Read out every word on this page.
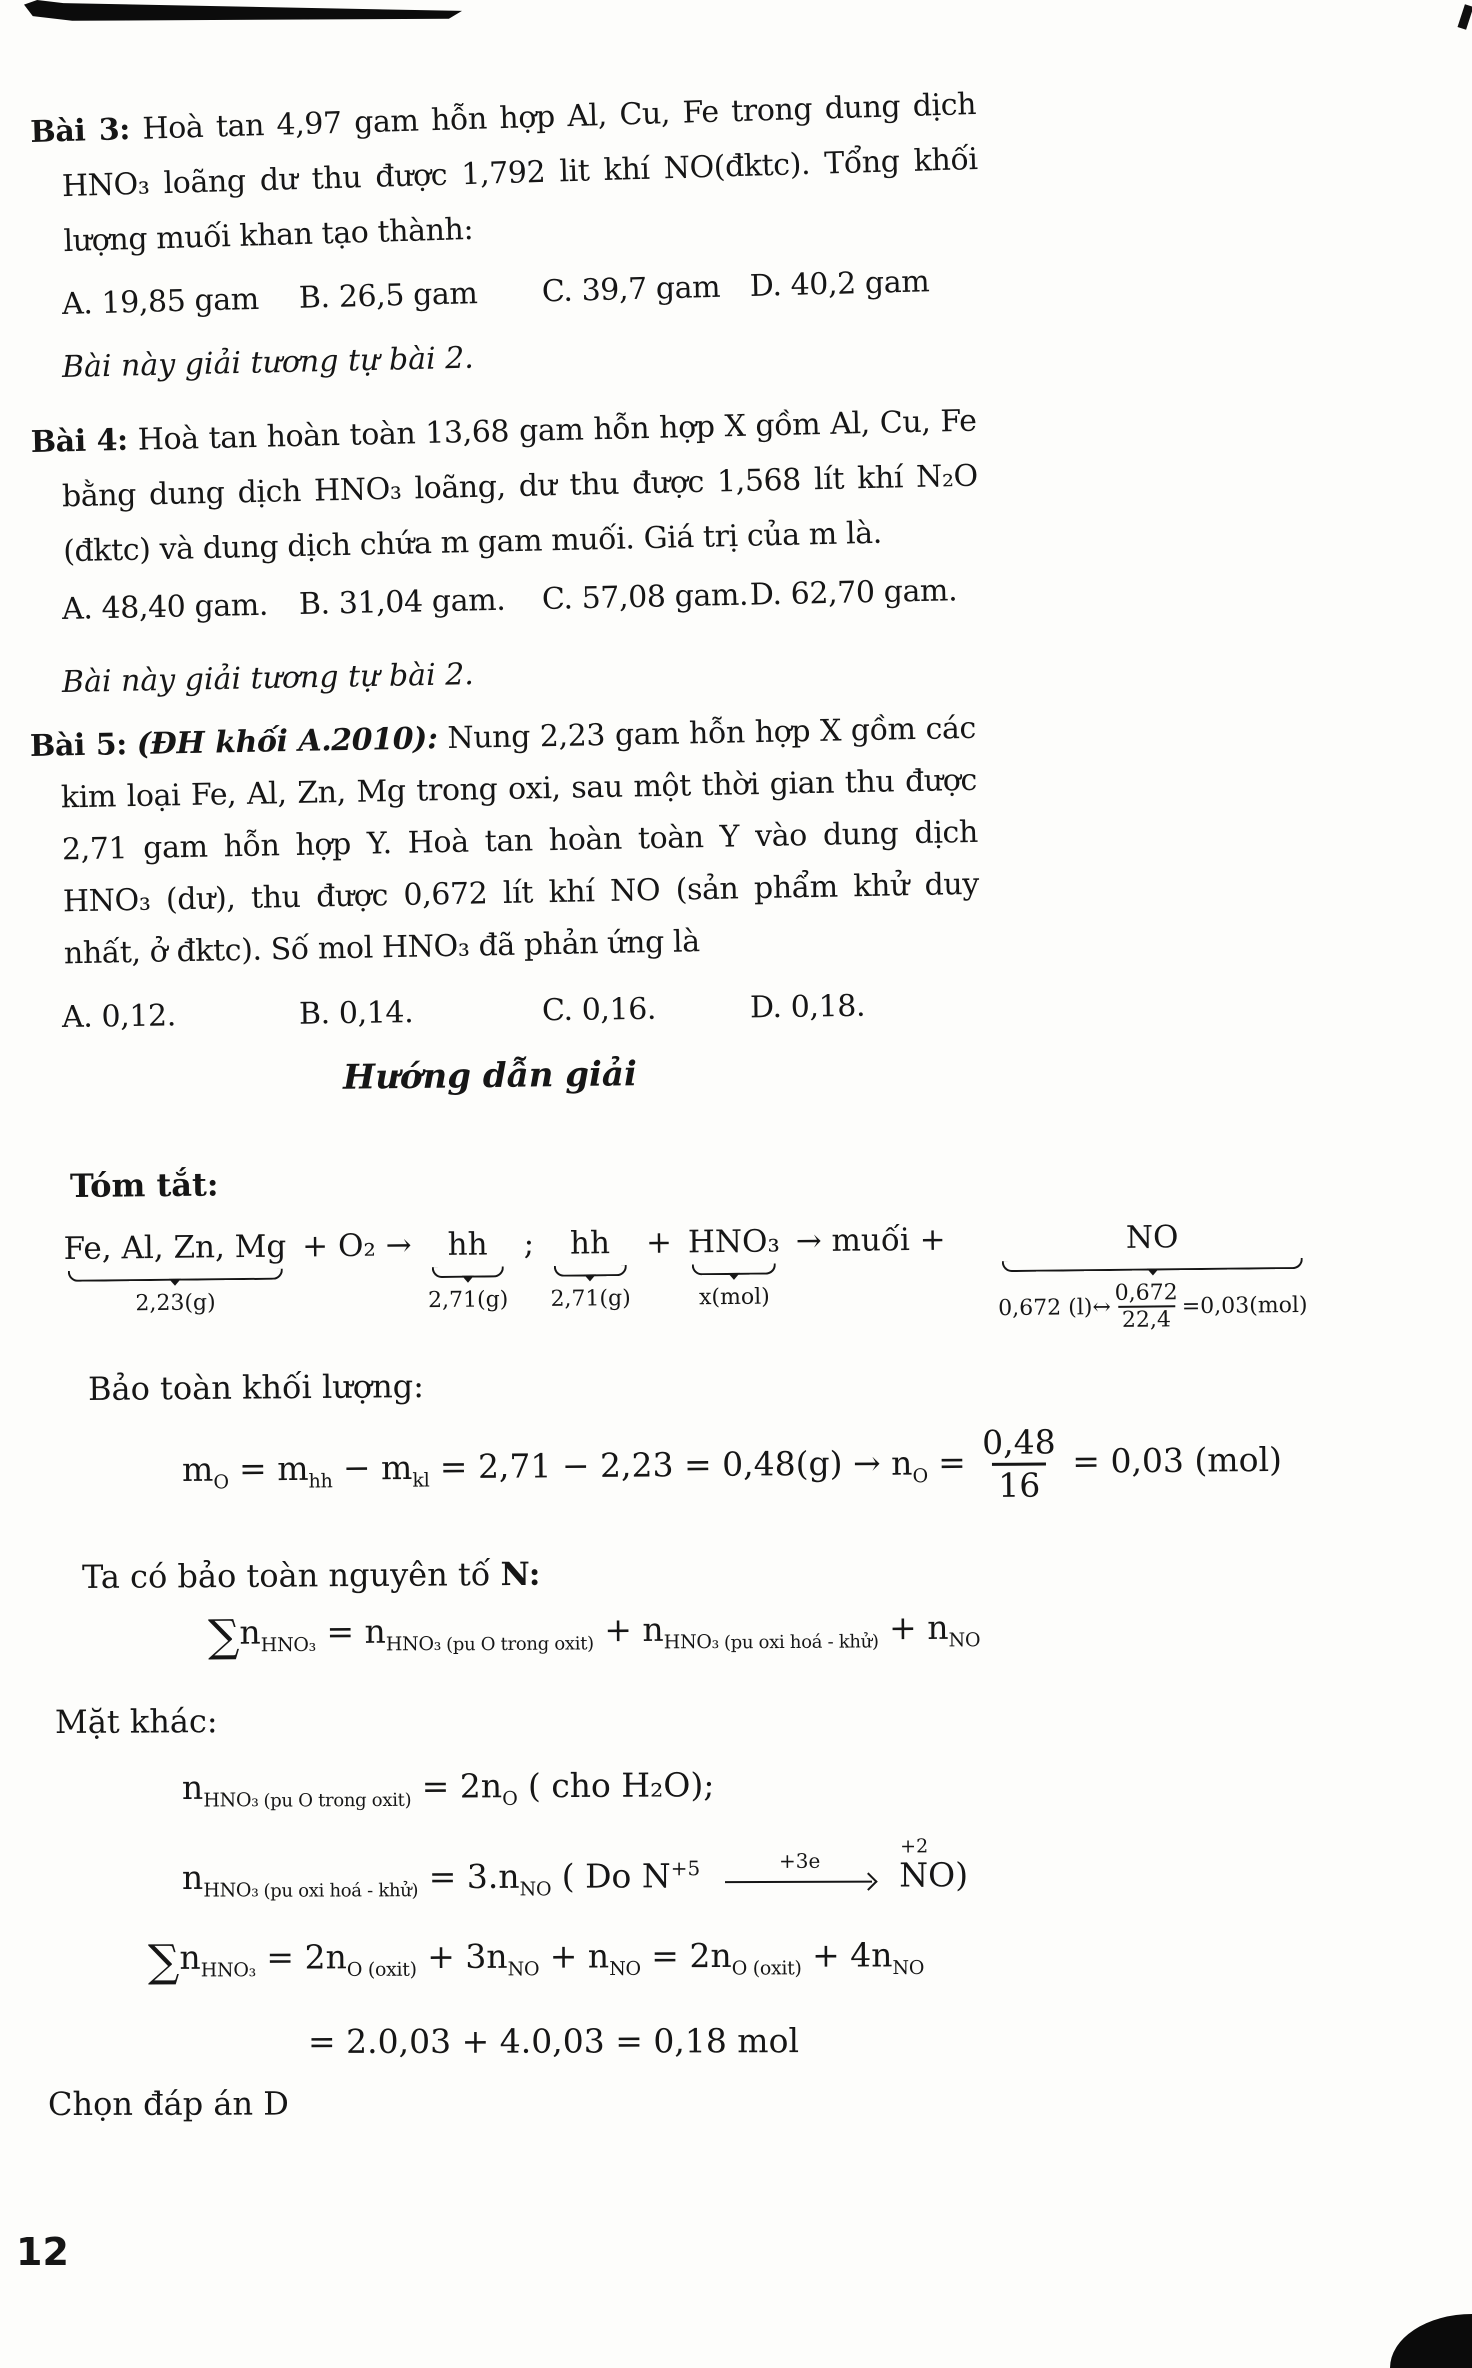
Bài 3: Hoà tan 4,97 gam hỗn hợp Al, Cu, Fe trong dung dịch HNO₃ loãng dư thu được 1,792 lit khí NO(đktc). Tổng khối lượng muối khan tạo thành:
A. 19,85 gam	B. 26,5 gam	C. 39,7 gam D. 40,2 gam
Bài này giải tương tự bài 2.
Bài 4: Hoà tan hoàn toàn 13,68 gam hỗn hợp X gồm Al, Cu, Fe bằng dung dịch HNO₃ loãng, dư thu được 1,568 lít khí N₂O (đktc) và dung dịch chứa m gam muối. Giá trị của m là.
A. 48,40 gam.	B. 31,04 gam.	C. 57,08 gam. D. 62,70 gam.
Bài này giải tương tự bài 2.
Bài 5: (ĐH khối A.2010): Nung 2,23 gam hỗn hợp X gồm các kim loại Fe, Al, Zn, Mg trong oxi, sau một thời gian thu được 2,71 gam hỗn hợp Y. Hoà tan hoàn toàn Y vào dung dịch HNO₃ (dư), thu được 0,672 lít khí NO (sản phẩm khử duy nhất, ở đktc). Số mol HNO₃ đã phản ứng là
A. 0,12.	B. 0,14.	C. 0,16.	D. 0,18.
Hướng dẫn giải
Tóm tắt:
Fe, Al, Zn, Mg
2,23(g)
+ O₂ → hh
2,71(g)
; hh
2,71(g)
+ HNO₃
x(mol)
→ muối +	NO
0,672 (l)↔ $\frac{0,672}{22,4} =0,03(mol)$
Bảo toàn khối lượng:
$m_O = m_{hh} - m_{kl} = 2,71 - 2,23 = 0,48(g) \to n_O = \frac{0,48}{16} = 0,03$ (mol)
Ta có bảo toàn nguyên tố N:
$\sum n_{HNO_3} = n_{HNO_3}$ $_{(pu O trong oxit)} + n_{HNO_3}$ $_{(pu oxi hoá - khử)} + n_{NO}$
Mặt khác:
$n_{HNO_3}$ $_{(pu O trong oxit)} = 2n_O$ ( cho H₂O);
$n_{HNO_3}$ $_{(pu oxi hoá - khử)} = 3.n_{NO}$ ( Do $N^{+5}$	+3e

+2
NO)
$\sum n_{HNO_3} = 2n_{O (oxit)} + 3n_{NO} + n_{NO} = 2n_{O (oxit)} + 4n_{NO}$
= 2.0,03 + 4.0,03 = 0,18 mol
Chọn đáp án D
12
